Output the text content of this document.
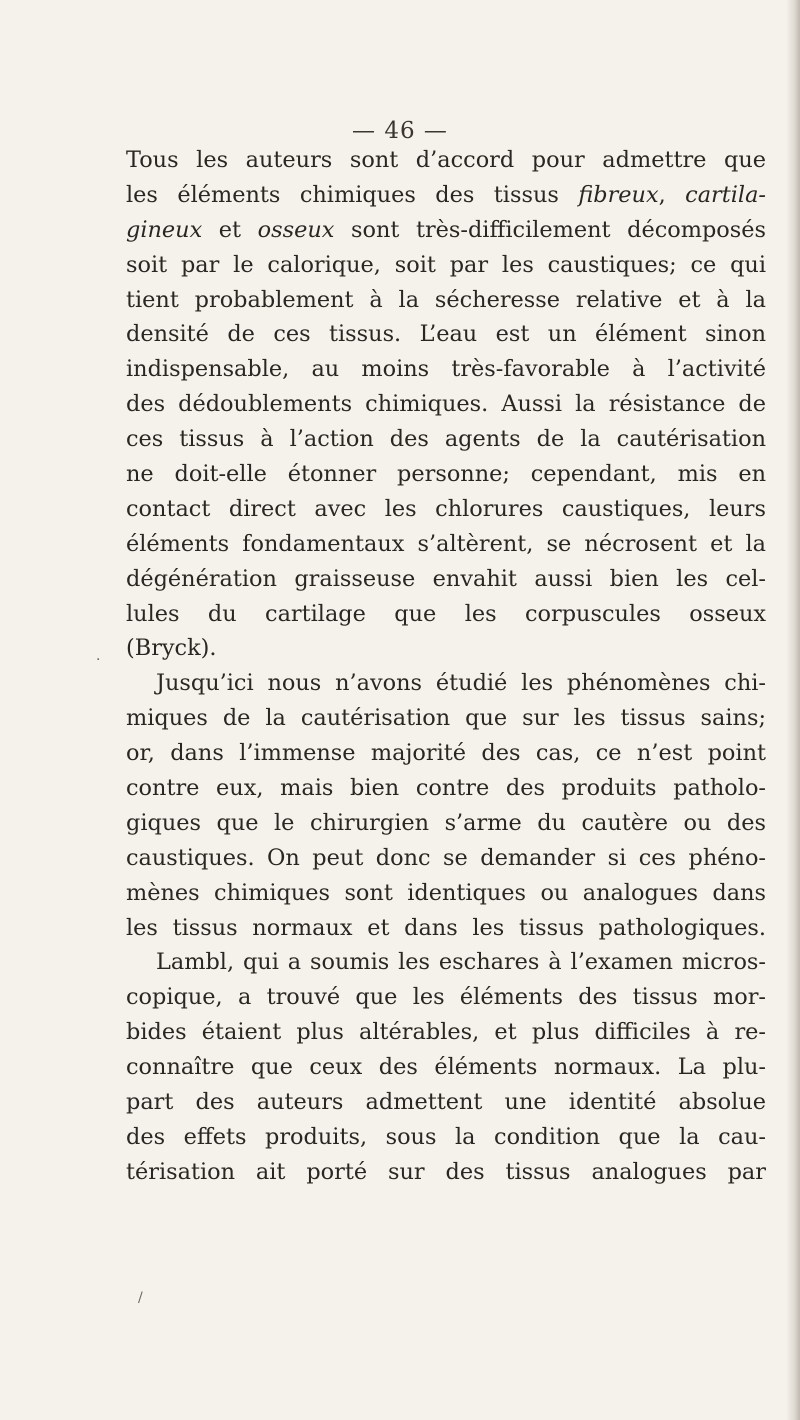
— 46 —
Tous les auteurs sont d’accord pour admettre que
les éléments chimiques des tissus fibreux, cartila-
gineux et osseux sont très-difficilement décomposés
soit par le calorique, soit par les caustiques; ce qui
tient probablement à la sécheresse relative et à la
densité de ces tissus. L’eau est un élément sinon
indispensable, au moins très-favorable à l’activité
des dédoublements chimiques. Aussi la résistance de
ces tissus à l’action des agents de la cautérisation
ne doit-elle étonner personne; cependant, mis en
contact direct avec les chlorures caustiques, leurs
éléments fondamentaux s’altèrent, se nécrosent et la
dégénération graisseuse envahit aussi bien les cel-
lules du cartilage que les corpuscules osseux
(Bryck).
Jusqu’ici nous n’avons étudié les phénomènes chi-
miques de la cautérisation que sur les tissus sains;
or, dans l’immense majorité des cas, ce n’est point
contre eux, mais bien contre des produits patholo-
giques que le chirurgien s’arme du cautère ou des
caustiques. On peut donc se demander si ces phéno-
mènes chimiques sont identiques ou analogues dans
les tissus normaux et dans les tissus pathologiques.
Lambl, qui a soumis les eschares à l’examen micros-
copique, a trouvé que les éléments des tissus mor-
bides étaient plus altérables, et plus difficiles à re-
connaître que ceux des éléments normaux. La plu-
part des auteurs admettent une identité absolue
des effets produits, sous la condition que la cau-
térisation ait porté sur des tissus analogues par
·
/
